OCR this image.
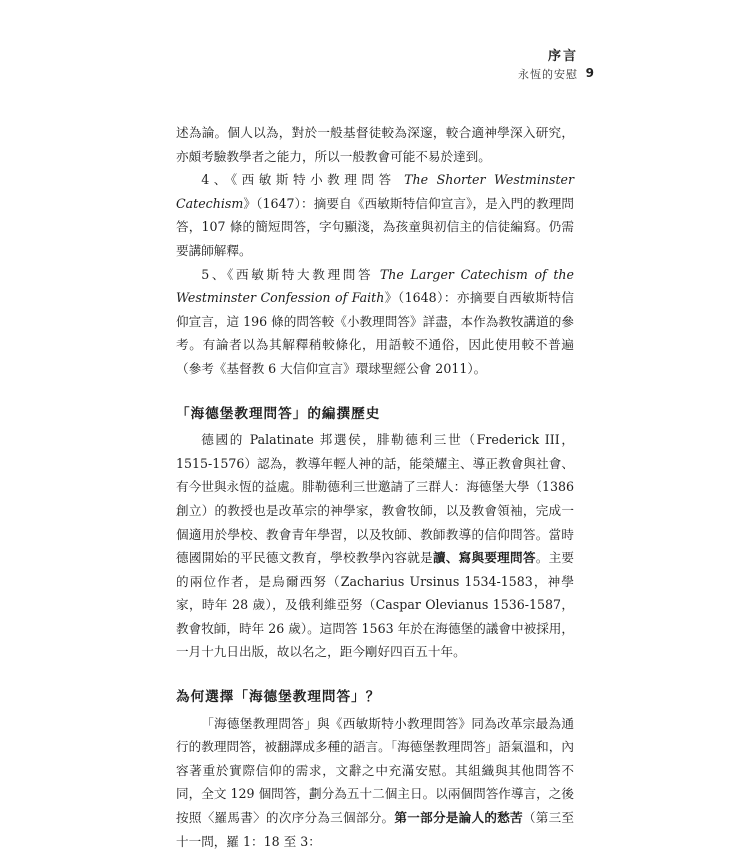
序言
永恆的安慰 9

述為論。個人以為，對於一般基督徒較為深邃，較合適神學深入研究，亦頗考驗教學者之能力，所以一般教會可能不易於達到。

4、《西敏斯特小教理問答 The Shorter Westminster Catechism》（1647）：摘要自《西敏斯特信仰宣言》，是入門的教理問答，107 條的簡短問答，字句顯淺，為孩童與初信主的信徒編寫。仍需要講師解釋。

5、《西敏斯特大教理問答 The Larger Catechism of the Westminster Confession of Faith》（1648）：亦摘要自西敏斯特信仰宣言，這 196 條的問答較《小教理問答》詳盡，本作為教牧講道的參考。有論者以為其解釋稍較條化，用語較不通俗，因此使用較不普遍（參考《基督教 6 大信仰宣言》環球聖經公會 2011）。

「海德堡教理問答」的編撰歷史

德國的 Palatinate 邦選侯，腓勒德利三世（Frederick III，1515-1576）認為，教導年輕人神的話，能榮耀主、導正教會與社會、有今世與永恆的益處。腓勒德利三世邀請了三群人：海德堡大學（1386 創立）的教授也是改革宗的神學家，教會牧師，以及教會領袖，完成一個適用於學校、教會青年學習，以及牧師、教師教導的信仰問答。當時德國開始的平民德文教育，學校教學內容就是讀、寫與要理問答。主要的兩位作者，是烏爾西努（Zacharius Ursinus 1534-1583，神學家，時年 28 歲），及俄利維亞努（Caspar Olevianus 1536-1587，教會牧師，時年 26 歲）。這問答 1563 年於在海德堡的議會中被採用，一月十九日出版，故以名之，距今剛好四百五十年。

為何選擇「海德堡教理問答」？

「海德堡教理問答」與《西敏斯特小教理問答》同為改革宗最為通行的教理問答，被翻譯成多種的語言。「海德堡教理問答」語氣溫和，內容著重於實際信仰的需求，文辭之中充滿安慰。其組織與其他問答不同，全文 129 個問答，劃分為五十二個主日。以兩個問答作導言，之後按照〈羅馬書〉的次序分為三個部分。第一部分是論人的愁苦（第三至十一問，羅 1：18 至 3：
